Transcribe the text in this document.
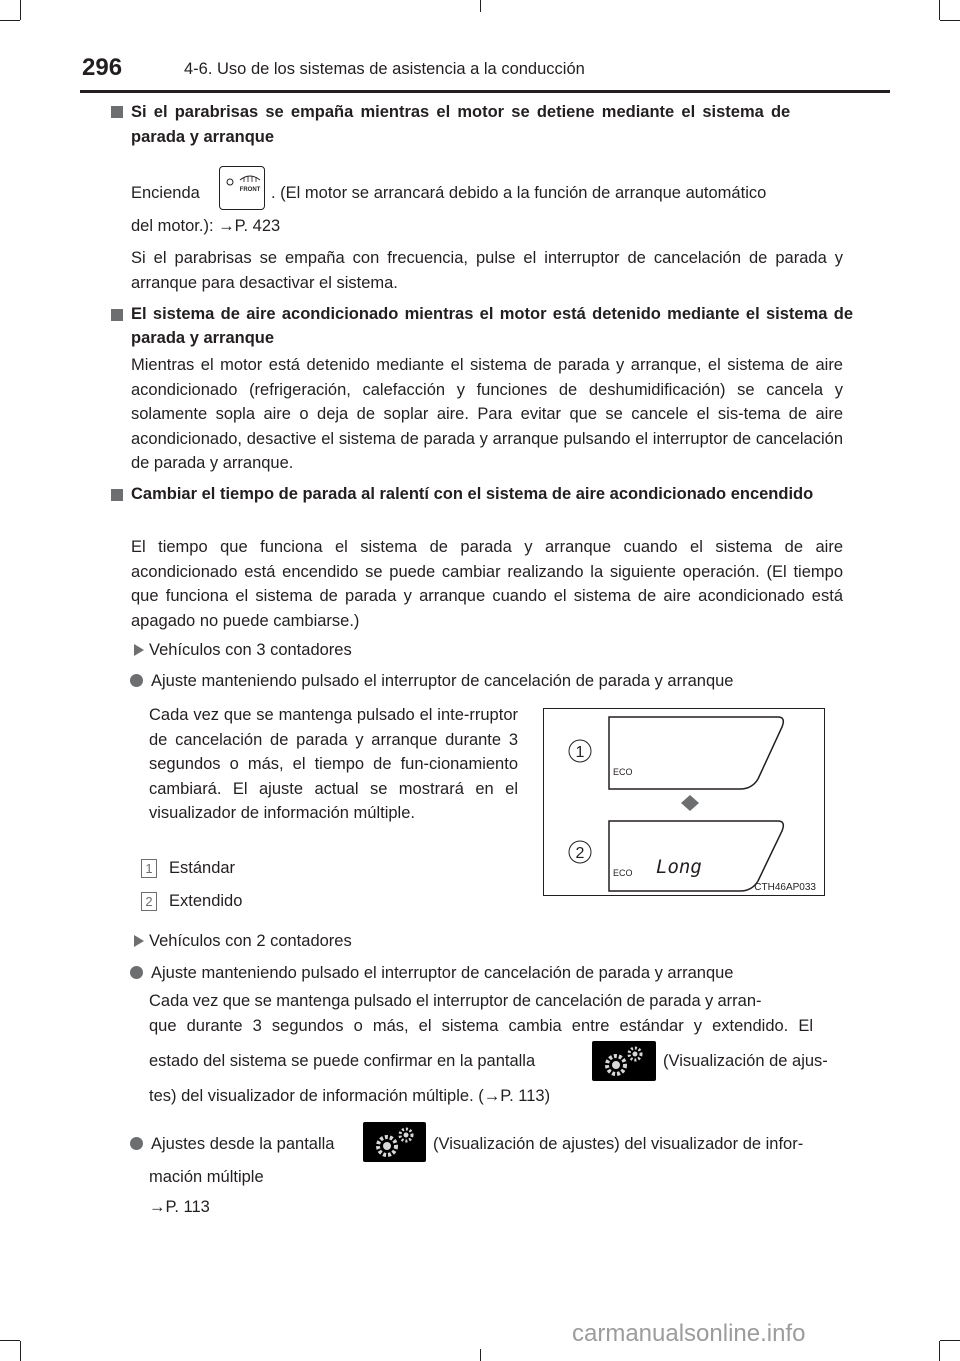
296	4-6. Uso de los sistemas de asistencia a la conducción
Si el parabrisas se empaña mientras el motor se detiene mediante el sistema de
parada y arranque
Encienda	FRONT . (El motor se arrancará debido a la función de arranque automático
del motor.): →P. 423
Si el parabrisas se empaña con frecuencia, pulse el interruptor de cancelación de parada y arranque para desactivar el sistema.
El sistema de aire acondicionado mientras el motor está detenido mediante el sistema de parada y arranque
Mientras el motor está detenido mediante el sistema de parada y arranque, el sistema de aire acondicionado (refrigeración, calefacción y funciones de deshumidificación) se cancela y solamente sopla aire o deja de soplar aire. Para evitar que se cancele el sis-tema de aire acondicionado, desactive el sistema de parada y arranque pulsando el interruptor de cancelación de parada y arranque.
Cambiar el tiempo de parada al ralentí con el sistema de aire acondicionado encendido
El tiempo que funciona el sistema de parada y arranque cuando el sistema de aire acondicionado está encendido se puede cambiar realizando la siguiente operación. (El tiempo que funciona el sistema de parada y arranque cuando el sistema de aire acondicionado está apagado no puede cambiarse.)
Vehículos con 3 contadores
Ajuste manteniendo pulsado el interruptor de cancelación de parada y arranque
Cada vez que se mantenga pulsado el inte-rruptor de cancelación de parada y arranque durante 3 segundos o más, el tiempo de fun-cionamiento cambiará. El ajuste actual se mostrará en el visualizador de información múltiple.
1 Estándar
2 Extendido
ECO
ECO Long
1
2
CTH46AP033
Vehículos con 2 contadores
Ajuste manteniendo pulsado el interruptor de cancelación de parada y arranque
Cada vez que se mantenga pulsado el interruptor de cancelación de parada y arran-
que durante 3 segundos o más, el sistema cambia entre estándar y extendido. El
estado del sistema se puede confirmar en la pantalla	(Visualización de ajus-
tes) del visualizador de información múltiple. (→P. 113)
Ajustes desde la pantalla	(Visualización de ajustes) del visualizador de infor-
mación múltiple
→P. 113
carmanualsonline.info
